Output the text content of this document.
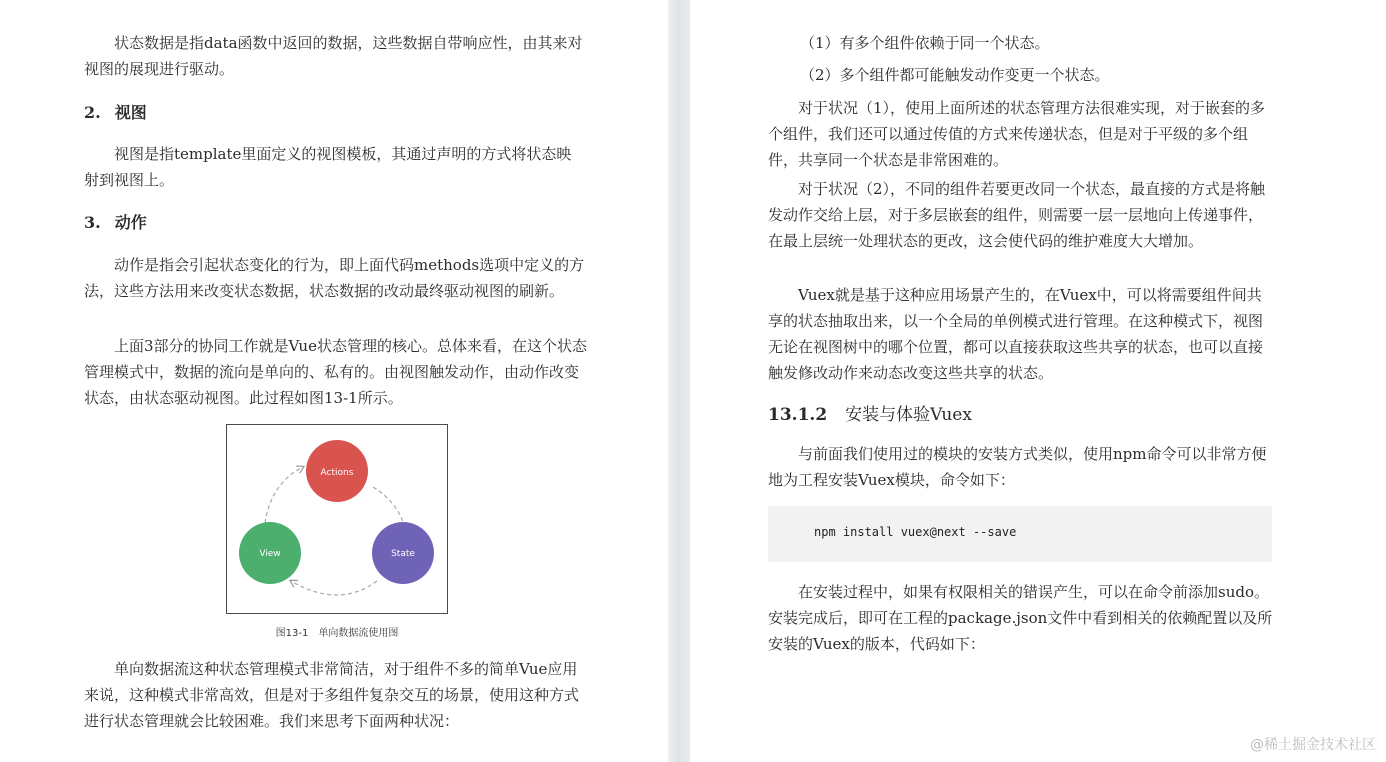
状态数据是指data函数中返回的数据，这些数据自带响应性，由其来对视图的展现进行驱动。

2. 视图

视图是指template里面定义的视图模板，其通过声明的方式将状态映射到视图上。

3. 动作

动作是指会引起状态变化的行为，即上面代码methods选项中定义的方法，这些方法用来改变状态数据，状态数据的改动最终驱动视图的刷新。

上面3部分的协同工作就是Vue状态管理的核心。总体来看，在这个状态管理模式中，数据的流向是单向的、私有的。由视图触发动作，由动作改变状态，由状态驱动视图。此过程如图13-1所示。

Actions
View	State
图13-1　单向数据流使用图

单向数据流这种状态管理模式非常简洁，对于组件不多的简单Vue应用来说，这种模式非常高效，但是对于多组件复杂交互的场景，使用这种方式进行状态管理就会比较困难。我们来思考下面两种状况：

（1）有多个组件依赖于同一个状态。

（2）多个组件都可能触发动作变更一个状态。

对于状况（1），使用上面所述的状态管理方法很难实现，对于嵌套的多个组件，我们还可以通过传值的方式来传递状态，但是对于平级的多个组件，共享同一个状态是非常困难的。

对于状况（2），不同的组件若要更改同一个状态，最直接的方式是将触发动作交给上层，对于多层嵌套的组件，则需要一层一层地向上传递事件，在最上层统一处理状态的更改，这会使代码的维护难度大大增加。

Vuex就是基于这种应用场景产生的，在Vuex中，可以将需要组件间共享的状态抽取出来，以一个全局的单例模式进行管理。在这种模式下，视图无论在视图树中的哪个位置，都可以直接获取这些共享的状态，也可以直接触发修改动作来动态改变这些共享的状态。

13.1.2 安装与体验Vuex

与前面我们使用过的模块的安装方式类似，使用npm命令可以非常方便地为工程安装Vuex模块，命令如下：

npm install vuex@next --save

在安装过程中，如果有权限相关的错误产生，可以在命令前添加sudo。安装完成后，即可在工程的package.json文件中看到相关的依赖配置以及所安装的Vuex的版本，代码如下：

@稀土掘金技术社区
